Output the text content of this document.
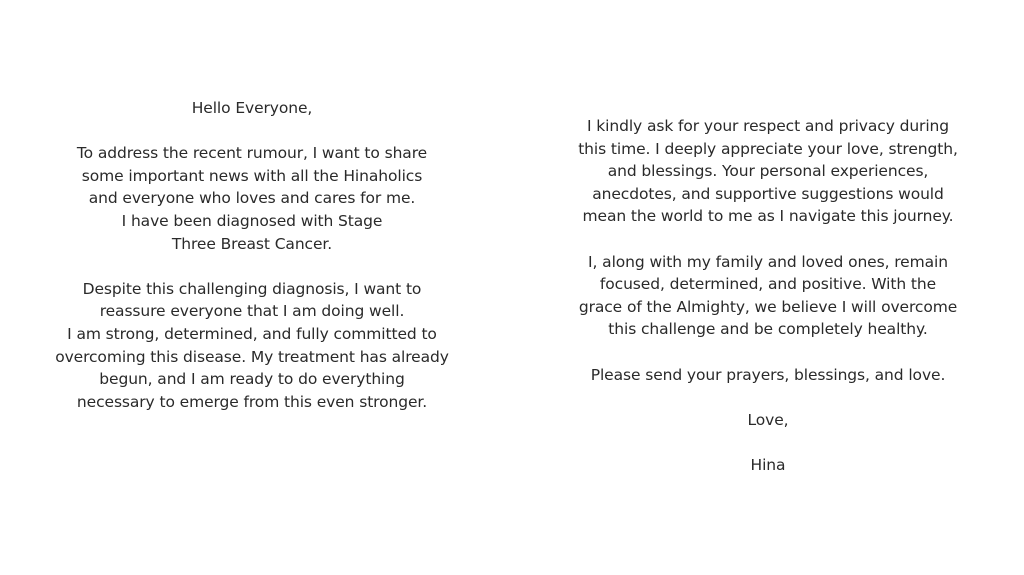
Hello Everyone,
To address the recent rumour, I want to share
some important news with all the Hinaholics
and everyone who loves and cares for me.
I have been diagnosed with Stage
Three Breast Cancer.
Despite this challenging diagnosis, I want to
reassure everyone that I am doing well.
I am strong, determined, and fully committed to
overcoming this disease. My treatment has already
begun, and I am ready to do everything
necessary to emerge from this even stronger.
I kindly ask for your respect and privacy during
this time. I deeply appreciate your love, strength,
and blessings. Your personal experiences,
anecdotes, and supportive suggestions would
mean the world to me as I navigate this journey.
I, along with my family and loved ones, remain
focused, determined, and positive. With the
grace of the Almighty, we believe I will overcome
this challenge and be completely healthy.
Please send your prayers, blessings, and love.
Love,
Hina
